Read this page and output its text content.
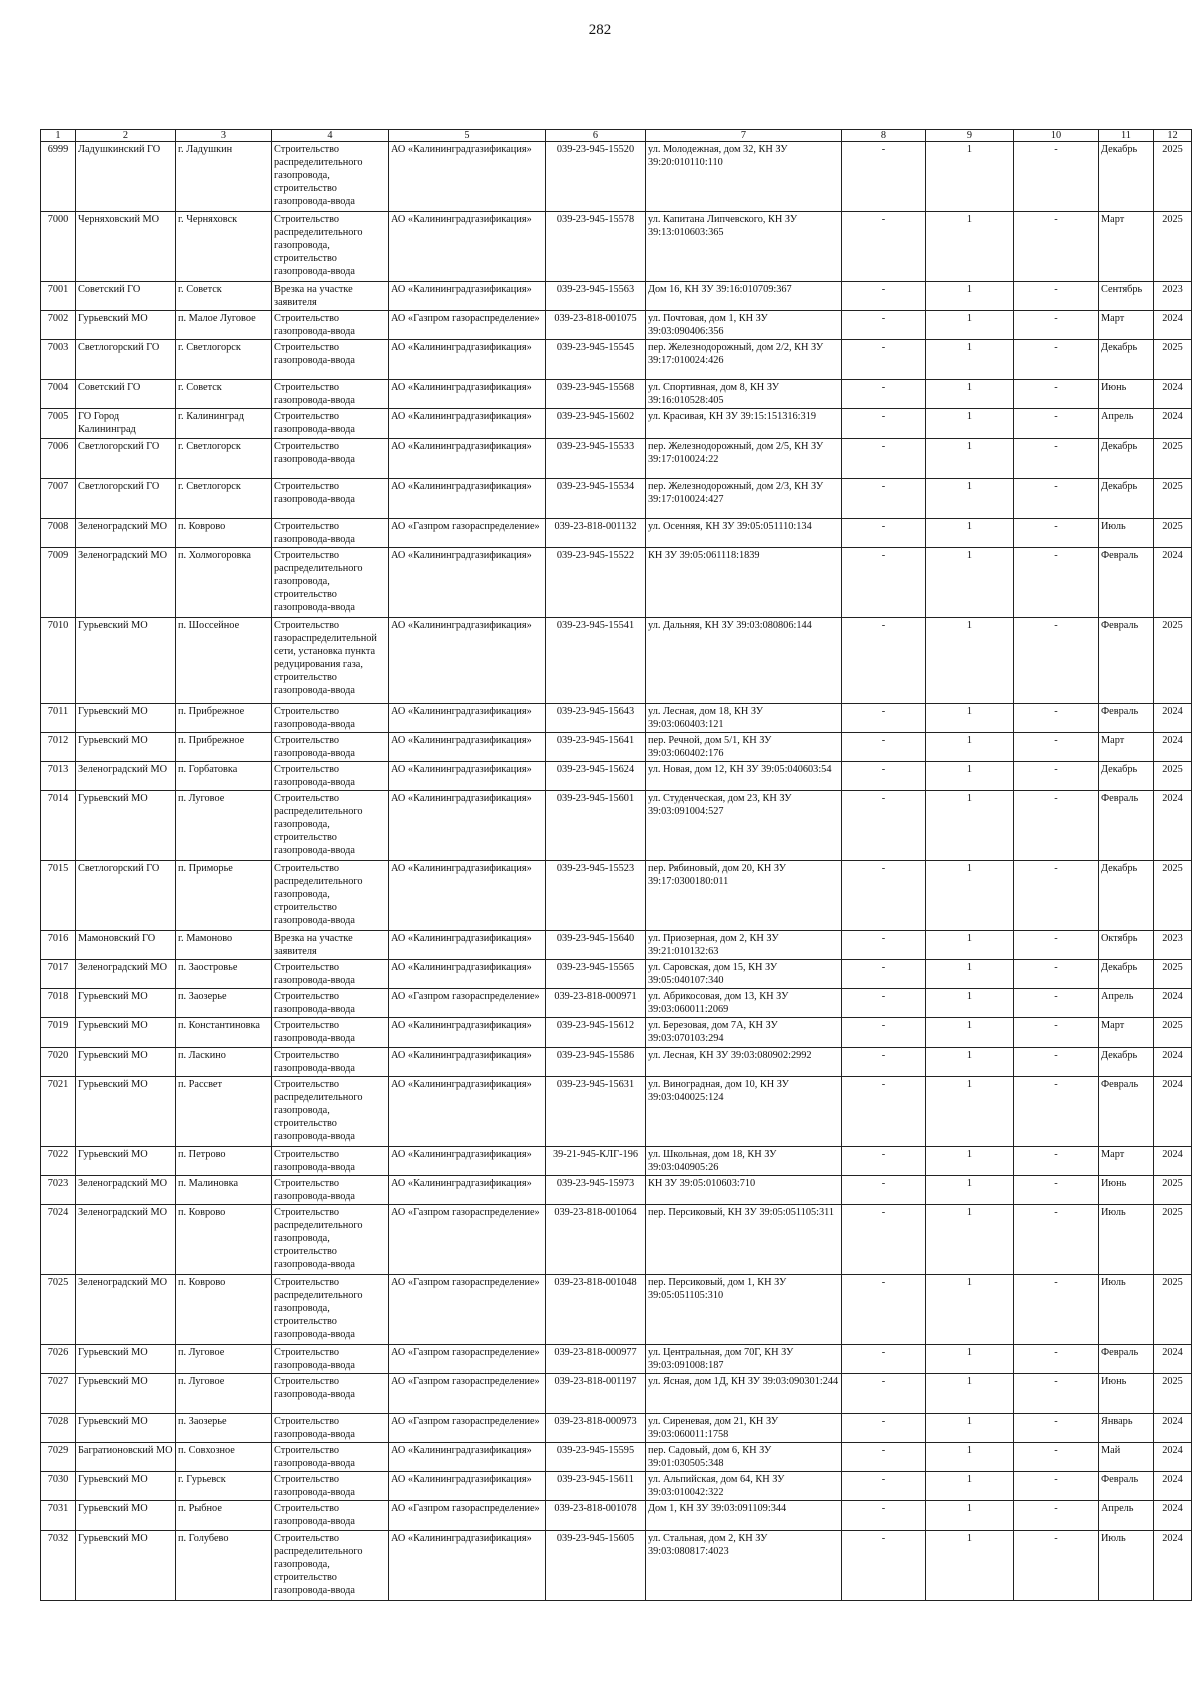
282
1	2	3	4	5	6	7	8	9	10	11	12
6999	Ладушкинский ГО	г. Ладушкин	Строительство распределительного газопровода, строительство газопровода-ввода	АО «Калининградгазификация»	039-23-945-15520	ул. Молодежная, дом 32, КН ЗУ 39:20:010110:110	-	1	-	Декабрь	2025
7000	Черняховский МО	г. Черняховск	Строительство распределительного газопровода, строительство газопровода-ввода	АО «Калининградгазификация»	039-23-945-15578	ул. Капитана Липчевского, КН ЗУ 39:13:010603:365	-	1	-	Март	2025
7001	Советский ГО	г. Советск	Врезка на участке заявителя	АО «Калининградгазификация»	039-23-945-15563	Дом 16, КН ЗУ 39:16:010709:367	-	1	-	Сентябрь	2023
7002	Гурьевский МО	п. Малое Луговое	Строительство газопровода-ввода	АО «Газпром газораспределение»	039-23-818-001075	ул. Почтовая, дом 1, КН ЗУ 39:03:090406:356	-	1	-	Март	2024
7003	Светлогорский ГО	г. Светлогорск	Строительство газопровода-ввода	АО «Калининградгазификация»	039-23-945-15545	пер. Железнодорожный, дом 2/2, КН ЗУ 39:17:010024:426	-	1	-	Декабрь	2025
7004	Советский ГО	г. Советск	Строительство газопровода-ввода	АО «Калининградгазификация»	039-23-945-15568	ул. Спортивная, дом 8, КН ЗУ 39:16:010528:405	-	1	-	Июнь	2024
7005	ГО Город Калининград	г. Калининград	Строительство газопровода-ввода	АО «Калининградгазификация»	039-23-945-15602	ул. Красивая, КН ЗУ 39:15:151316:319	-	1	-	Апрель	2024
7006	Светлогорский ГО	г. Светлогорск	Строительство газопровода-ввода	АО «Калининградгазификация»	039-23-945-15533	пер. Железнодорожный, дом 2/5, КН ЗУ 39:17:010024:22	-	1	-	Декабрь	2025
7007	Светлогорский ГО	г. Светлогорск	Строительство газопровода-ввода	АО «Калининградгазификация»	039-23-945-15534	пер. Железнодорожный, дом 2/3, КН ЗУ 39:17:010024:427	-	1	-	Декабрь	2025
7008	Зеленоградский МО	п. Коврово	Строительство газопровода-ввода	АО «Газпром газораспределение»	039-23-818-001132	ул. Осенняя, КН ЗУ 39:05:051110:134	-	1	-	Июль	2025
7009	Зеленоградский МО	п. Холмогоровка	Строительство распределительного газопровода, строительство газопровода-ввода	АО «Калининградгазификация»	039-23-945-15522	КН ЗУ 39:05:061118:1839	-	1	-	Февраль	2024
7010	Гурьевский МО	п. Шоссейное	Строительство газораспределительной сети, установка пункта редуцирования газа, строительство газопровода-ввода	АО «Калининградгазификация»	039-23-945-15541	ул. Дальняя, КН ЗУ 39:03:080806:144	-	1	-	Февраль	2025
7011	Гурьевский МО	п. Прибрежное	Строительство газопровода-ввода	АО «Калининградгазификация»	039-23-945-15643	ул. Лесная, дом 18, КН ЗУ 39:03:060403:121	-	1	-	Февраль	2024
7012	Гурьевский МО	п. Прибрежное	Строительство газопровода-ввода	АО «Калининградгазификация»	039-23-945-15641	пер. Речной, дом 5/1, КН ЗУ 39:03:060402:176	-	1	-	Март	2024
7013	Зеленоградский МО	п. Горбатовка	Строительство газопровода-ввода	АО «Калининградгазификация»	039-23-945-15624	ул. Новая, дом 12, КН ЗУ 39:05:040603:54	-	1	-	Декабрь	2025
7014	Гурьевский МО	п. Луговое	Строительство распределительного газопровода, строительство газопровода-ввода	АО «Калининградгазификация»	039-23-945-15601	ул. Студенческая, дом 23, КН ЗУ 39:03:091004:527	-	1	-	Февраль	2024
7015	Светлогорский ГО	п. Приморье	Строительство распределительного газопровода, строительство газопровода-ввода	АО «Калининградгазификация»	039-23-945-15523	пер. Рябиновый, дом 20, КН ЗУ 39:17:0300180:011	-	1	-	Декабрь	2025
7016	Мамоновский ГО	г. Мамоново	Врезка на участке заявителя	АО «Калининградгазификация»	039-23-945-15640	ул. Приозерная, дом 2, КН ЗУ 39:21:010132:63	-	1	-	Октябрь	2023
7017	Зеленоградский МО	п. Заостровье	Строительство газопровода-ввода	АО «Калининградгазификация»	039-23-945-15565	ул. Саровская, дом 15, КН ЗУ 39:05:040107:340	-	1	-	Декабрь	2025
7018	Гурьевский МО	п. Заозерье	Строительство газопровода-ввода	АО «Газпром газораспределение»	039-23-818-000971	ул. Абрикосовая, дом 13, КН ЗУ 39:03:060011:2069	-	1	-	Апрель	2024
7019	Гурьевский МО	п. Константиновка	Строительство газопровода-ввода	АО «Калининградгазификация»	039-23-945-15612	ул. Березовая, дом 7А, КН ЗУ 39:03:070103:294	-	1	-	Март	2025
7020	Гурьевский МО	п. Ласкино	Строительство газопровода-ввода	АО «Калининградгазификация»	039-23-945-15586	ул. Лесная, КН ЗУ 39:03:080902:2992	-	1	-	Декабрь	2024
7021	Гурьевский МО	п. Рассвет	Строительство распределительного газопровода, строительство газопровода-ввода	АО «Калининградгазификация»	039-23-945-15631	ул. Виноградная, дом 10, КН ЗУ 39:03:040025:124	-	1	-	Февраль	2024
7022	Гурьевский МО	п. Петрово	Строительство газопровода-ввода	АО «Калининградгазификация»	39-21-945-КЛГ-196	ул. Школьная, дом 18, КН ЗУ 39:03:040905:26	-	1	-	Март	2024
7023	Зеленоградский МО	п. Малиновка	Строительство газопровода-ввода	АО «Калининградгазификация»	039-23-945-15973	КН ЗУ 39:05:010603:710	-	1	-	Июнь	2025
7024	Зеленоградский МО	п. Коврово	Строительство распределительного газопровода, строительство газопровода-ввода	АО «Газпром газораспределение»	039-23-818-001064	пер. Персиковый, КН ЗУ 39:05:051105:311	-	1	-	Июль	2025
7025	Зеленоградский МО	п. Коврово	Строительство распределительного газопровода, строительство газопровода-ввода	АО «Газпром газораспределение»	039-23-818-001048	пер. Персиковый, дом 1, КН ЗУ 39:05:051105:310	-	1	-	Июль	2025
7026	Гурьевский МО	п. Луговое	Строительство газопровода-ввода	АО «Газпром газораспределение»	039-23-818-000977	ул. Центральная, дом 70Г, КН ЗУ 39:03:091008:187	-	1	-	Февраль	2024
7027	Гурьевский МО	п. Луговое	Строительство газопровода-ввода	АО «Газпром газораспределение»	039-23-818-001197	ул. Ясная, дом 1Д, КН ЗУ 39:03:090301:244	-	1	-	Июнь	2025
7028	Гурьевский МО	п. Заозерье	Строительство газопровода-ввода	АО «Газпром газораспределение»	039-23-818-000973	ул. Сиреневая, дом 21, КН ЗУ 39:03:060011:1758	-	1	-	Январь	2024
7029	Багратионовский МО	п. Совхозное	Строительство газопровода-ввода	АО «Калининградгазификация»	039-23-945-15595	пер. Садовый, дом 6, КН ЗУ 39:01:030505:348	-	1	-	Май	2024
7030	Гурьевский МО	г. Гурьевск	Строительство газопровода-ввода	АО «Калининградгазификация»	039-23-945-15611	ул. Альпийская, дом 64, КН ЗУ 39:03:010042:322	-	1	-	Февраль	2024
7031	Гурьевский МО	п. Рыбное	Строительство газопровода-ввода	АО «Газпром газораспределение»	039-23-818-001078	Дом 1, КН ЗУ 39:03:091109:344	-	1	-	Апрель	2024
7032	Гурьевский МО	п. Голубево	Строительство распределительного газопровода, строительство газопровода-ввода	АО «Калининградгазификация»	039-23-945-15605	ул. Стальная, дом 2, КН ЗУ 39:03:080817:4023	-	1	-	Июль	2024
